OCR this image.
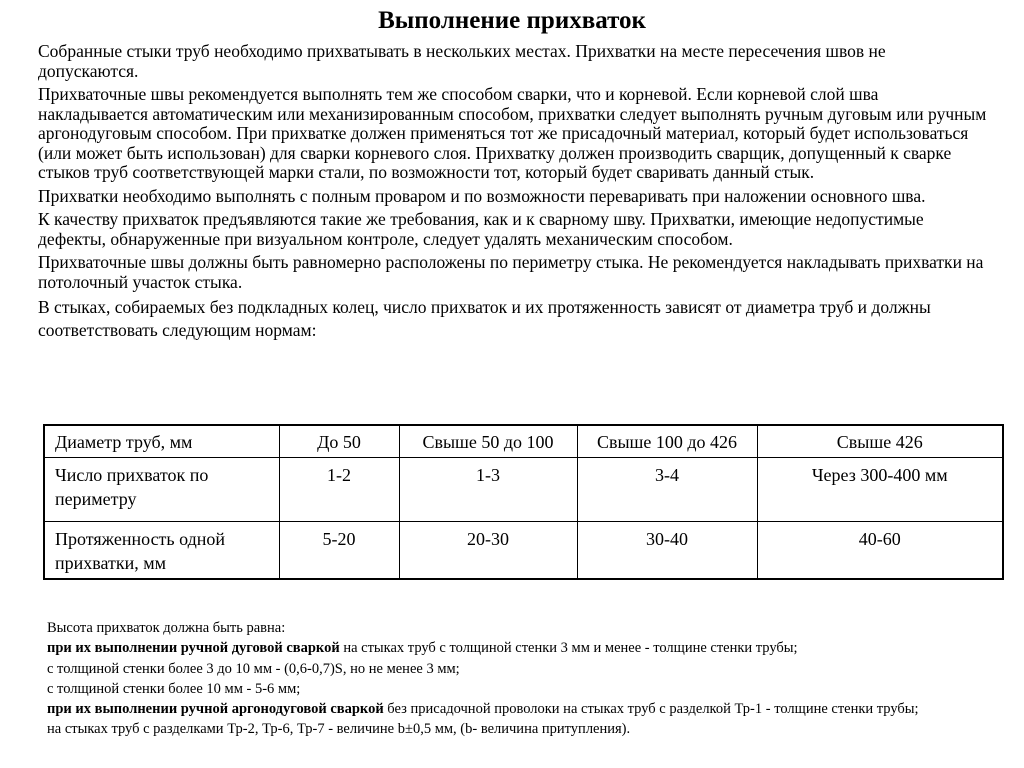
Выполнение прихваток

Собранные стыки труб необходимо прихватывать в нескольких местах. Прихватки на месте пересечения швов не допускаются.

Прихваточные швы рекомендуется выполнять тем же способом сварки, что и корневой. Если корневой слой шва накладывается автоматическим или механизированным способом, прихватки следует выполнять ручным дуговым или ручным аргонодуговым способом. При прихватке должен применяться тот же присадочный материал, который будет использоваться (или может быть использован) для сварки корневого слоя. Прихватку должен производить сварщик, допущенный к сварке стыков труб соответствующей марки стали, по возможности тот, который будет сваривать данный стык.

Прихватки необходимо выполнять с полным проваром и по возможности переваривать при наложении основного шва.

К качеству прихваток предъявляются такие же требования, как и к сварному шву. Прихватки, имеющие недопустимые дефекты, обнаруженные при визуальном контроле, следует удалять механическим способом.

Прихваточные швы должны быть равномерно расположены по периметру стыка. Не рекомендуется накладывать прихватки на потолочный участок стыка.

В стыках, собираемых без подкладных колец, число прихваток и их протяженность зависят от диаметра труб и должны соответствовать следующим нормам:

Диаметр труб, мм	До 50	Свыше 50 до 100	Свыше 100 до 426	Свыше 426
Число прихваток по периметру	1-2	1-3	3-4	Через 300-400 мм
Протяженность одной прихватки, мм	5-20	20-30	30-40	40-60
Высота прихваток должна быть равна:
при их выполнении ручной дуговой сваркой на стыках труб с толщиной стенки 3 мм и менее - толщине стенки трубы;
с толщиной стенки более 3 до 10 мм - (0,6-0,7)S, но не менее 3 мм;
с толщиной стенки более 10 мм - 5-6 мм;
при их выполнении ручной аргонодуговой сваркой без присадочной проволоки на стыках труб с разделкой Тр-1 - толщине стенки трубы;
на стыках труб с разделками Тр-2, Тр-6, Тр-7 - величине b±0,5 мм, (b- величина притупления).
